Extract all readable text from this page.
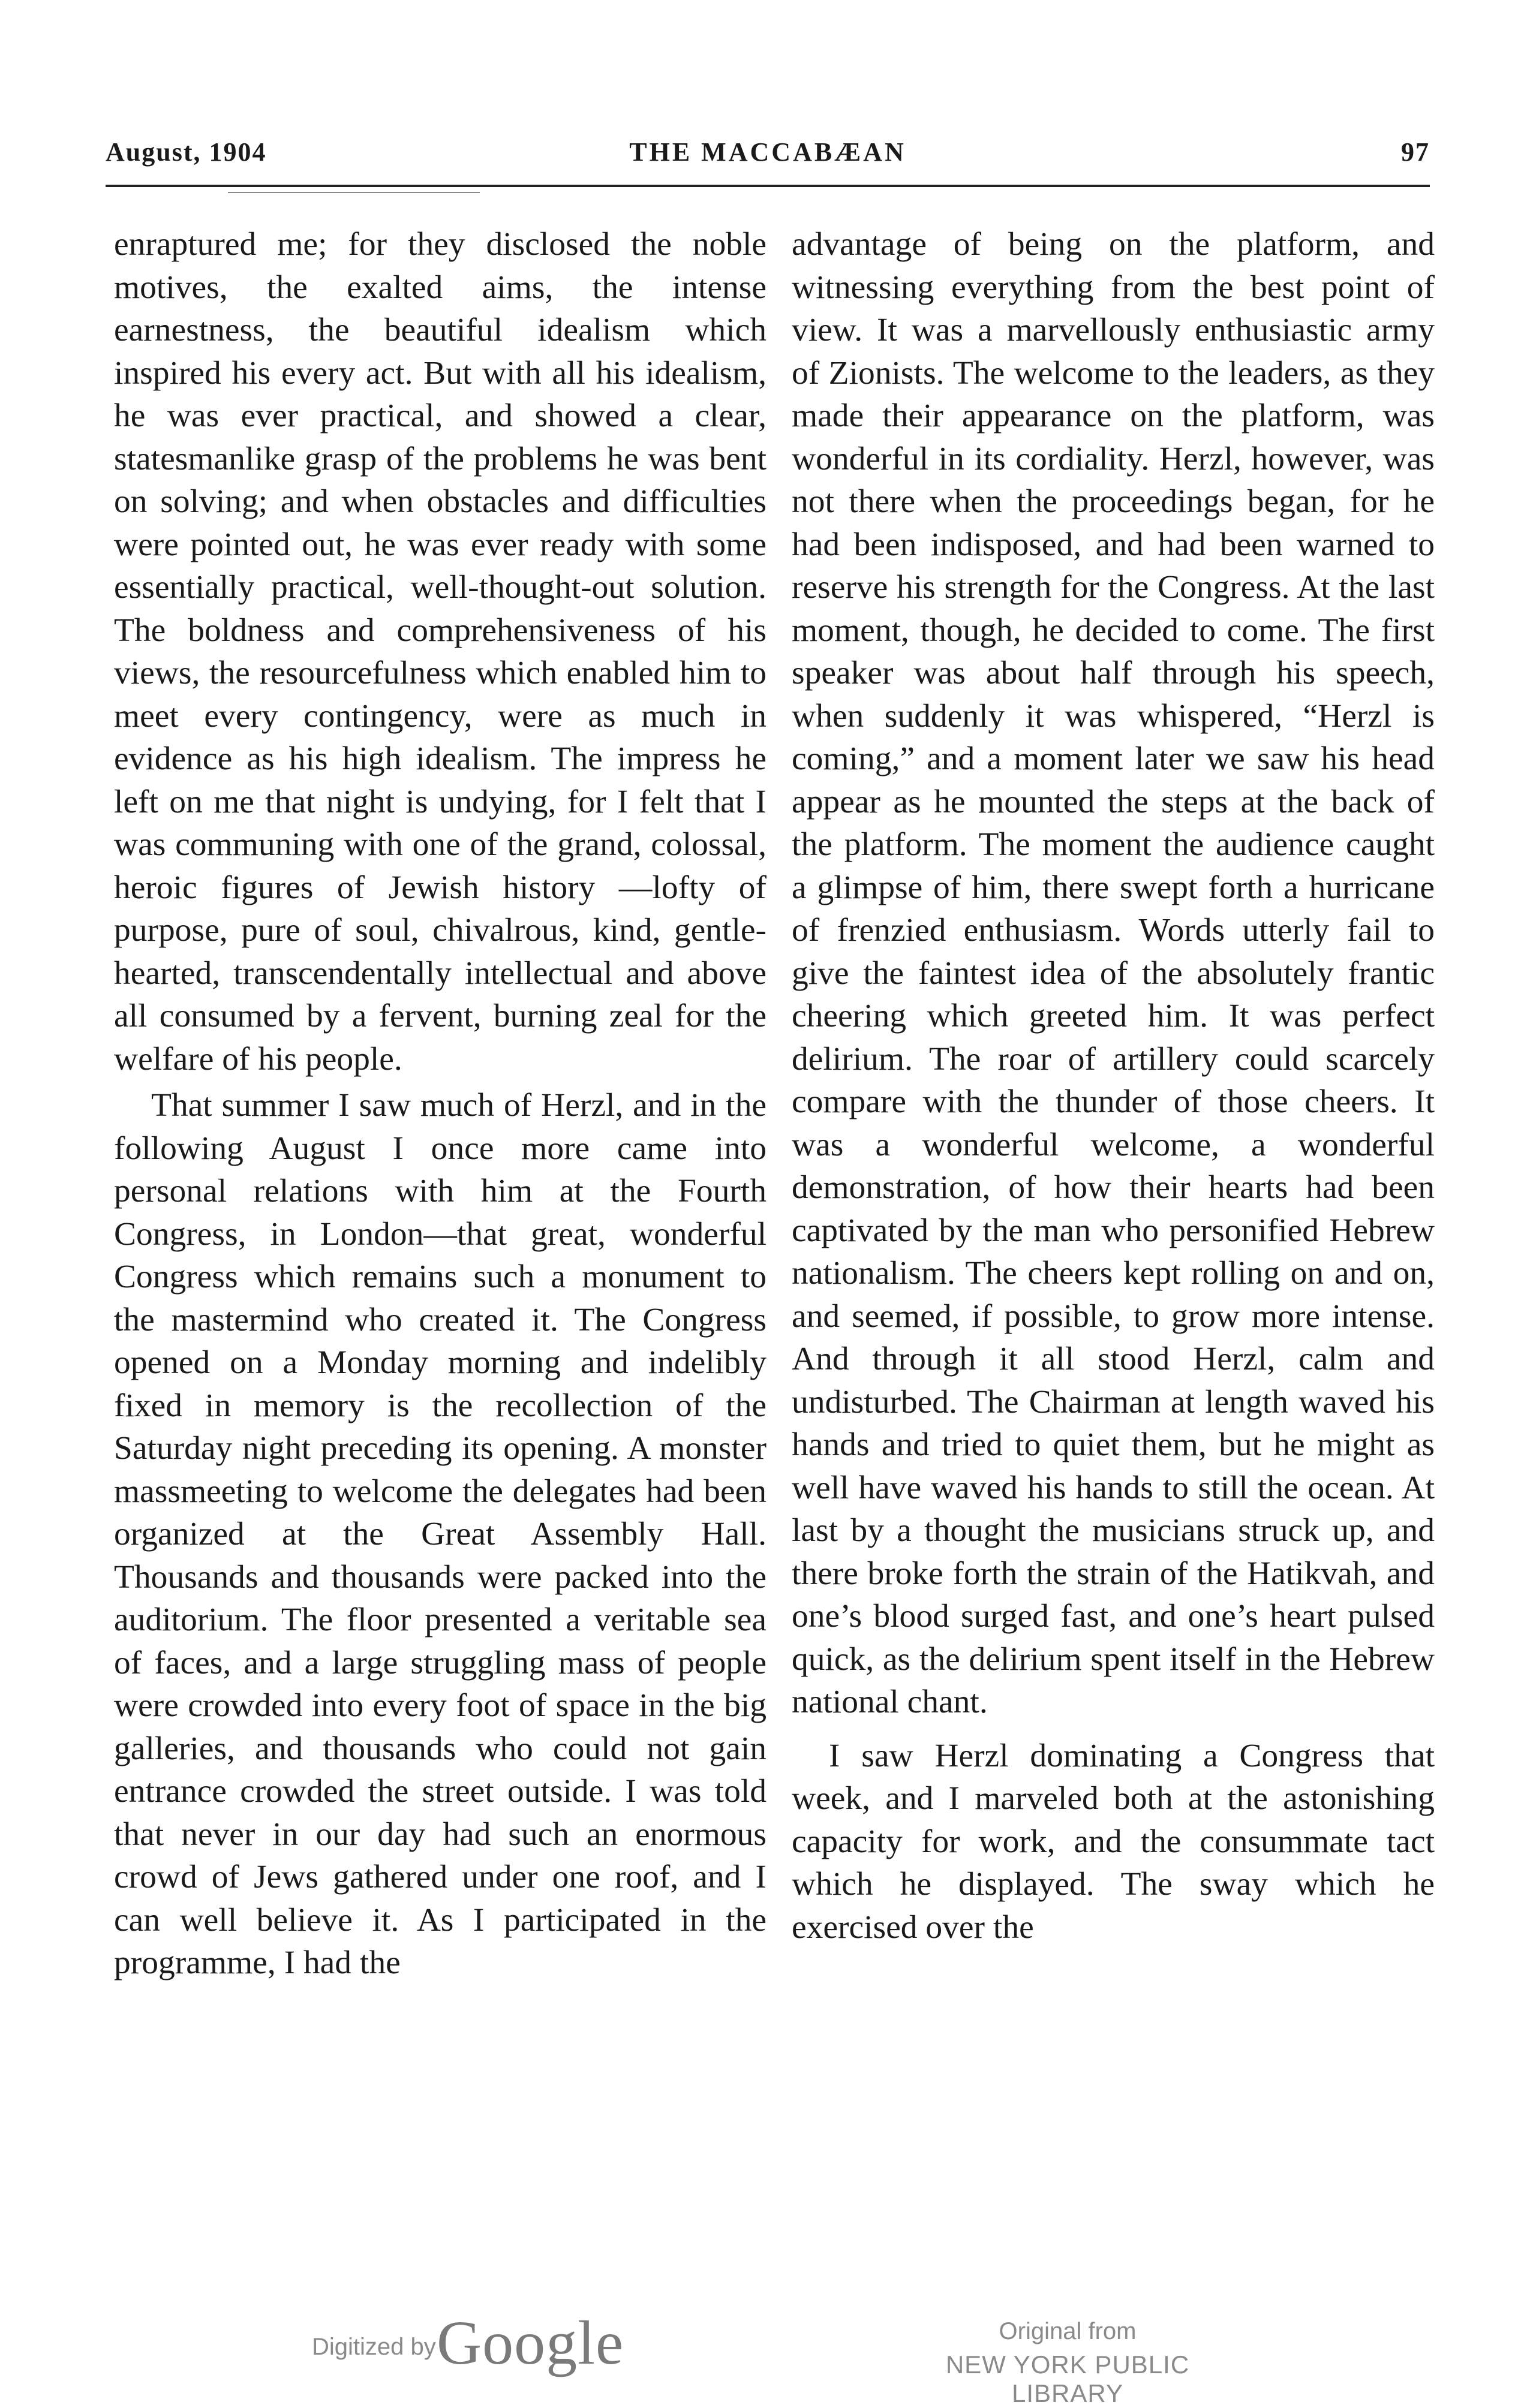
August, 1904	THE MACCABÆAN	97

enraptured me; for they disclosed the noble motives, the exalted aims, the intense earnestness, the beautiful idealism which inspired his every act. But with all his idealism, he was ever practical, and showed a clear, statesmanlike grasp of the problems he was bent on solving; and when obstacles and difficulties were pointed out, he was ever ready with some essentially practical, well-thought-out solution. The boldness and comprehensiveness of his views, the resourcefulness which enabled him to meet every contingency, were as much in evidence as his high idealism. The impress he left on me that night is undying, for I felt that I was communing with one of the grand, colossal, heroic figures of Jewish history —lofty of purpose, pure of soul, chivalrous, kind, gentle-hearted, transcendentally intellectual and above all consumed by a fervent, burning zeal for the welfare of his people.

That summer I saw much of Herzl, and in the following August I once more came into personal relations with him at the Fourth Congress, in London—that great, wonderful Congress which remains such a monument to the mastermind who created it. The Congress opened on a Monday morning and indelibly fixed in memory is the recollection of the Saturday night preceding its opening. A monster massmeeting to welcome the delegates had been organized at the Great Assembly Hall. Thousands and thousands were packed into the auditorium. The floor presented a veritable sea of faces, and a large struggling mass of people were crowded into every foot of space in the big galleries, and thousands who could not gain entrance crowded the street outside. I was told that never in our day had such an enormous crowd of Jews gathered under one roof, and I can well believe it. As I participated in the programme, I had the

advantage of being on the platform, and witnessing everything from the best point of view. It was a marvellously enthusiastic army of Zionists. The welcome to the leaders, as they made their appearance on the platform, was wonderful in its cordiality. Herzl, however, was not there when the proceedings began, for he had been indisposed, and had been warned to reserve his strength for the Congress. At the last moment, though, he decided to come. The first speaker was about half through his speech, when suddenly it was whispered, “Herzl is coming,” and a moment later we saw his head appear as he mounted the steps at the back of the platform. The moment the audience caught a glimpse of him, there swept forth a hurricane of frenzied enthusiasm. Words utterly fail to give the faintest idea of the absolutely frantic cheering which greeted him. It was perfect delirium. The roar of artillery could scarcely compare with the thunder of those cheers. It was a wonderful welcome, a wonderful demonstration, of how their hearts had been captivated by the man who personified Hebrew nationalism. The cheers kept rolling on and on, and seemed, if possible, to grow more intense. And through it all stood Herzl, calm and undisturbed. The Chairman at length waved his hands and tried to quiet them, but he might as well have waved his hands to still the ocean. At last by a thought the musicians struck up, and there broke forth the strain of the Hatikvah, and one’s blood surged fast, and one’s heart pulsed quick, as the delirium spent itself in the Hebrew national chant.

I saw Herzl dominating a Congress that week, and I marveled both at the astonishing capacity for work, and the consummate tact which he displayed. The sway which he exercised over the

Digitized by Google	Original from
NEW YORK PUBLIC LIBRARY
